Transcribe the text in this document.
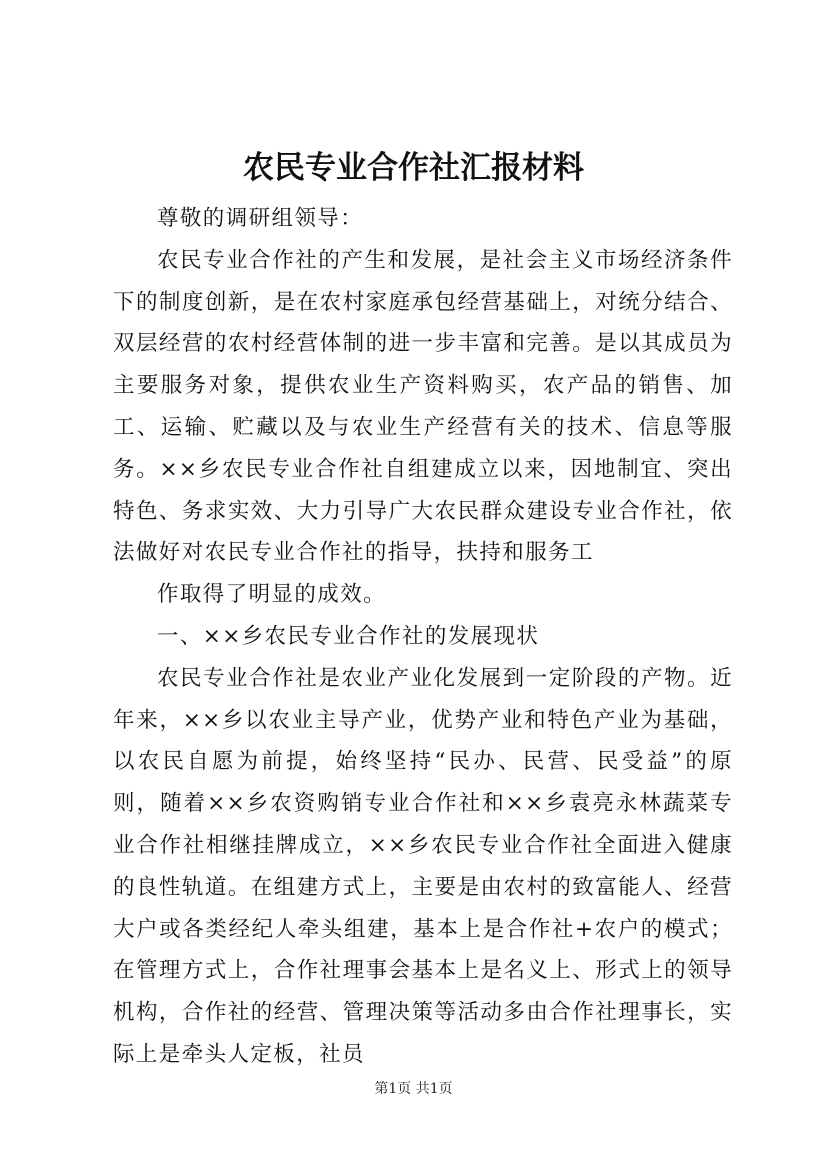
农民专业合作社汇报材料

尊敬的调研组领导：

农民专业合作社的产生和发展，是社会主义市场经济条件下的制度创新，是在农村家庭承包经营基础上，对统分结合、双层经营的农村经营体制的进一步丰富和完善。是以其成员为主要服务对象，提供农业生产资料购买，农产品的销售、加工、运输、贮藏以及与农业生产经营有关的技术、信息等服务。××乡农民专业合作社自组建成立以来，因地制宜、突出特色、务求实效、大力引导广大农民群众建设专业合作社，依法做好对农民专业合作社的指导，扶持和服务工

作取得了明显的成效。

一、××乡农民专业合作社的发展现状

农民专业合作社是农业产业化发展到一定阶段的产物。近年来，××乡以农业主导产业，优势产业和特色产业为基础，以农民自愿为前提，始终坚持“民办、民营、民受益”的原则，随着××乡农资购销专业合作社和××乡袁亮永林蔬菜专业合作社相继挂牌成立，××乡农民专业合作社全面进入健康的良性轨道。在组建方式上，主要是由农村的致富能人、经营大户或各类经纪人牵头组建，基本上是合作社+农户的模式；在管理方式上，合作社理事会基本上是名义上、形式上的领导机构，合作社的经营、管理决策等活动多由合作社理事长，实际上是牵头人定板，社员

第1页 共1页
